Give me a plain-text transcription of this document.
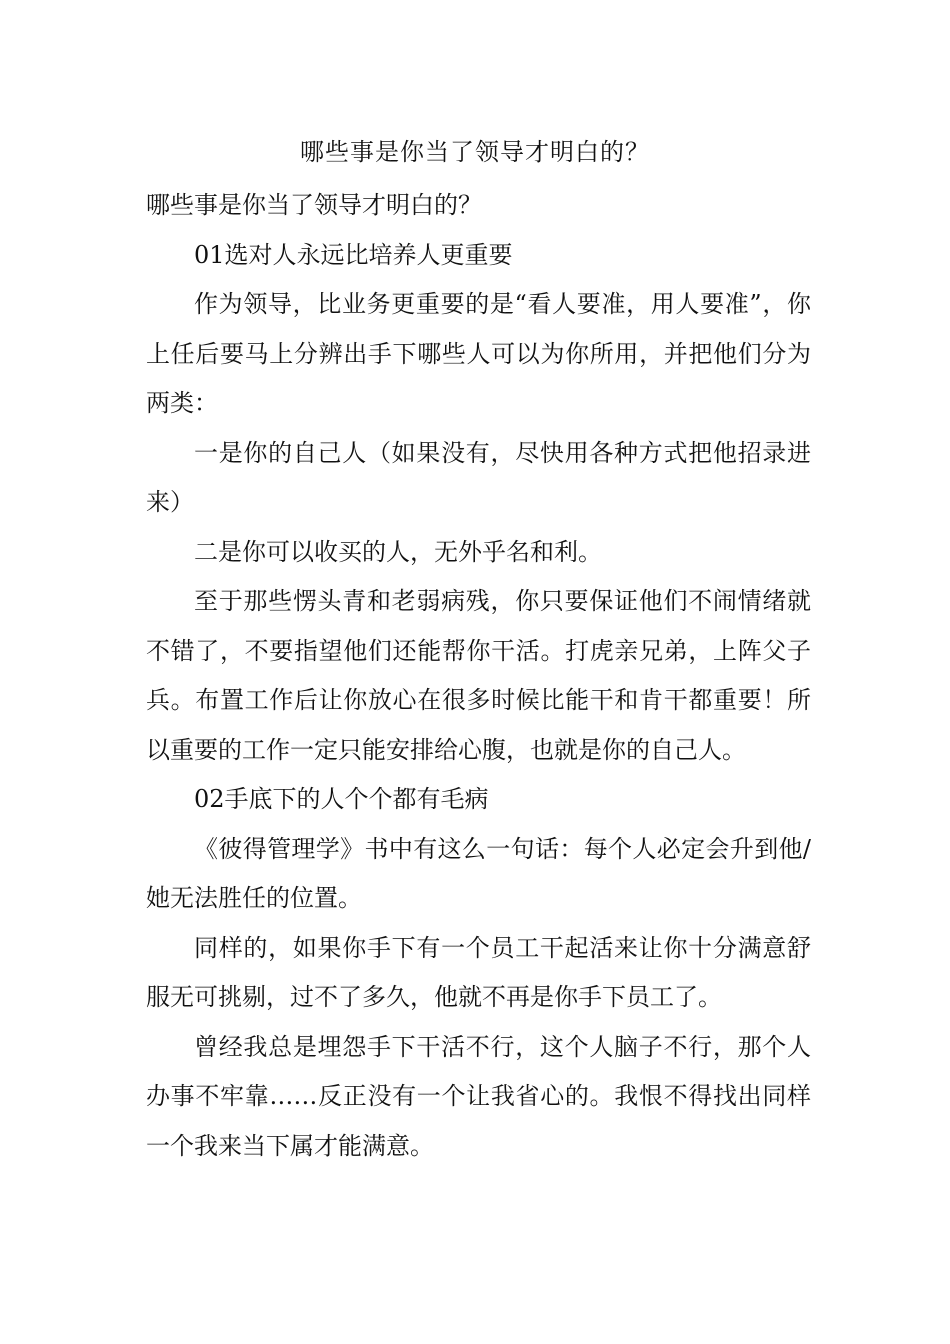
哪些事是你当了领导才明白的？

哪些事是你当了领导才明白的？

01选对人永远比培养人更重要

作为领导，比业务更重要的是“看人要准，用人要准”，你上任后要马上分辨出手下哪些人可以为你所用，并把他们分为两类：

一是你的自己人（如果没有，尽快用各种方式把他招录进来）

二是你可以收买的人，无外乎名和利。

至于那些愣头青和老弱病残，你只要保证他们不闹情绪就不错了，不要指望他们还能帮你干活。打虎亲兄弟，上阵父子兵。布置工作后让你放心在很多时候比能干和肯干都重要！所以重要的工作一定只能安排给心腹，也就是你的自己人。

02手底下的人个个都有毛病

《彼得管理学》书中有这么一句话：每个人必定会升到他/她无法胜任的位置。

同样的，如果你手下有一个员工干起活来让你十分满意舒服无可挑剔，过不了多久，他就不再是你手下员工了。

曾经我总是埋怨手下干活不行，这个人脑子不行，那个人办事不牢靠……反正没有一个让我省心的。我恨不得找出同样一个我来当下属才能满意。
